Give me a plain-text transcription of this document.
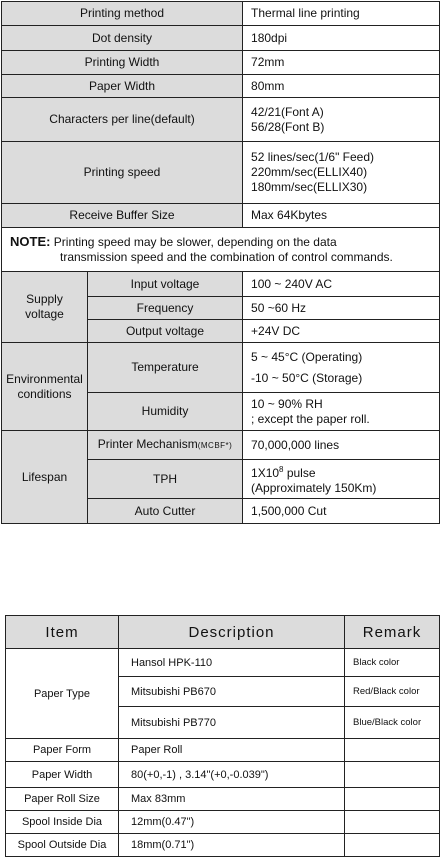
Printing method		Thermal line printing
Dot density		180dpi
Printing Width		72mm
Paper Width		80mm
Characters per line(default)		42/21(Font A)
56/28(Font B)

Printing speed		52 lines/sec(1/6" Feed)
220mm/sec(ELLIX40)
180mm/sec(ELLIX30)

Receive Buffer Size		Max 64Kbytes

NOTE: Printing speed may be slower, depending on the data
transmission speed and the combination of control commands.		

Supply
voltage	Input voltage	100 ~ 240V AC
	Frequency	50 ~60 Hz
	Output voltage	+24V DC

Environmental
conditions	Temperature	5 ~ 45°C (Operating)
-10 ~ 50°C (Storage)

	Humidity	10 ~ 90% RH
; except the paper roll.

Lifespan	Printer Mechanism(MCBF*)	70,000,000 lines
	TPH	$1X10^8$ pulse
(Approximately 150Km)

	Auto Cutter	1,500,000 Cut
Item	Description	Remark
Paper Type	Hansol HPK-110	Black color
	Mitsubishi PB670	Red/Black color
	Mitsubishi PB770	Blue/Black color
Paper Form	Paper Roll	
Paper Width	80(+0,-1) , 3.14"(+0,-0.039")	
Paper Roll Size	Max 83mm	
Spool Inside Dia	12mm(0.47")	
Spool Outside Dia	18mm(0.71")	
